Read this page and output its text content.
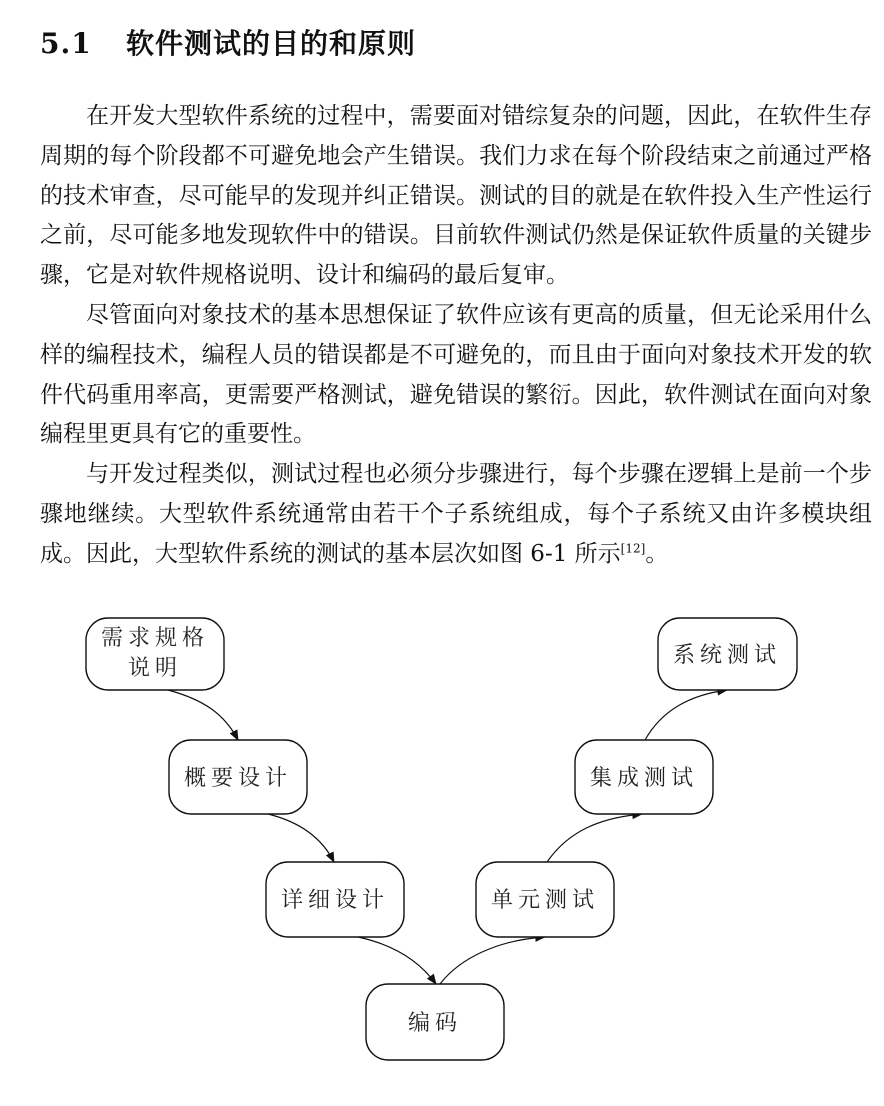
5.1 软件测试的目的和原则

在开发大型软件系统的过程中，需要面对错综复杂的问题，因此，在软件生存周期的每个阶段都不可避免地会产生错误。我们力求在每个阶段结束之前通过严格的技术审查，尽可能早的发现并纠正错误。测试的目的就是在软件投入生产性运行之前，尽可能多地发现软件中的错误。目前软件测试仍然是保证软件质量的关键步骤，它是对软件规格说明、设计和编码的最后复审。

尽管面向对象技术的基本思想保证了软件应该有更高的质量，但无论采用什么样的编程技术，编程人员的错误都是不可避免的，而且由于面向对象技术开发的软件代码重用率高，更需要严格测试，避免错误的繁衍。因此，软件测试在面向对象编程里更具有它的重要性。

与开发过程类似，测试过程也必须分步骤进行，每个步骤在逻辑上是前一个步骤地继续。大型软件系统通常由若干个子系统组成，每个子系统又由许多模块组成。因此，大型软件系统的测试的基本层次如图 6-1 所示[12]。

需求规格
说明
概要设计
详细设计
编码
单元测试
集成测试
系统测试
